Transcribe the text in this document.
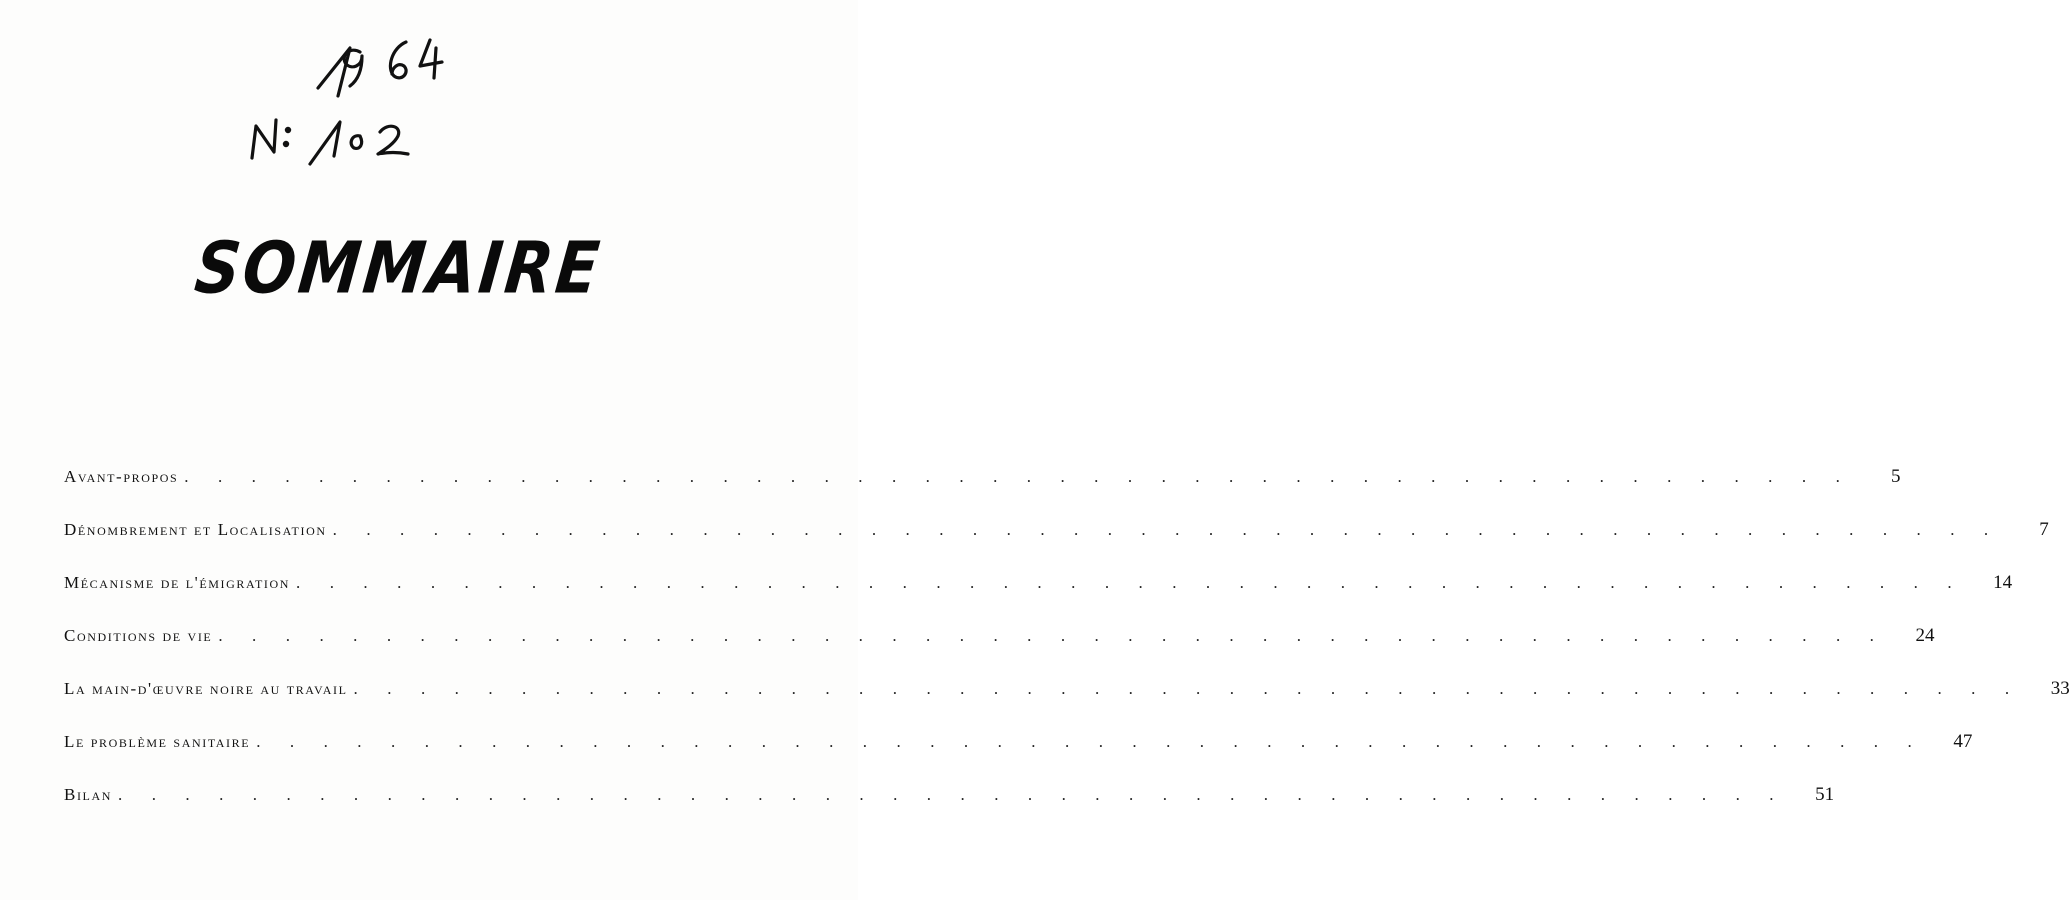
SOMMAIRE
Avant-propos . . . . . . . . . . . . . . . . . . . . . . . . . . . . . . . . . . . . . . . . . . . . . . . . . .	5
Dénombrement et Localisation . . . . . . . . . . . . . . . . . . . . . . . . . . . . . . . . . . . . . . . . . . . . . . . . . .	7
Mécanisme de l'émigration . . . . . . . . . . . . . . . . . . . . . . . . . . . . . . . . . . . . . . . . . . . . . . . . . .	14
Conditions de vie . . . . . . . . . . . . . . . . . . . . . . . . . . . . . . . . . . . . . . . . . . . . . . . . . .	24
La main-d'œuvre noire au travail . . . . . . . . . . . . . . . . . . . . . . . . . . . . . . . . . . . . . . . . . . . . . . . . . .	33
Le problème sanitaire . . . . . . . . . . . . . . . . . . . . . . . . . . . . . . . . . . . . . . . . . . . . . . . . . .	47
Bilan . . . . . . . . . . . . . . . . . . . . . . . . . . . . . . . . . . . . . . . . . . . . . . . . . .	51
